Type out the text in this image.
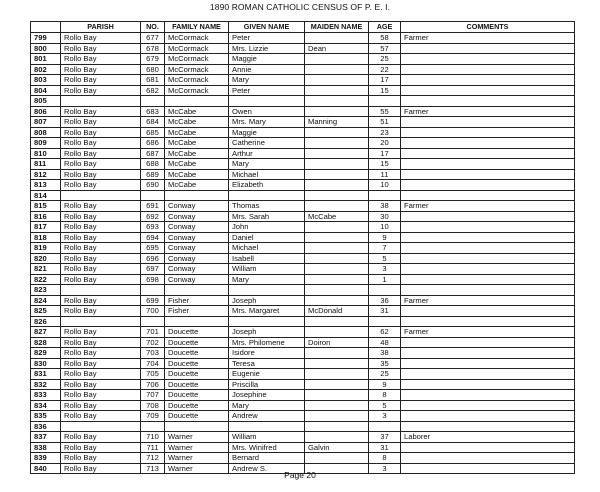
1890 ROMAN CATHOLIC CENSUS OF P. E. I.
	PARISH	NO.	FAMILY NAME	GIVEN NAME	MAIDEN NAME	AGE	COMMENTS
799	Rollo Bay	677	McCormack	Peter		58	Farmer
800	Rollo Bay	678	McCormack	Mrs. Lizzie	Dean	57	
801	Rollo Bay	679	McCormack	Maggie		25	
802	Rollo Bay	680	McCormack	Annie		22	
803	Rollo Bay	681	McCormack	Mary		17	
804	Rollo Bay	682	McCormack	Peter		15	
805							
806	Rollo Bay	683	McCabe	Owen		55	Farmer
807	Rollo Bay	684	McCabe	Mrs. Mary	Manning	51	
808	Rollo Bay	685	McCabe	Maggie		23	
809	Rollo Bay	686	McCabe	Catherine		20	
810	Rollo Bay	687	McCabe	Arthur		17	
811	Rollo Bay	688	McCabe	Mary		15	
812	Rollo Bay	689	McCabe	Michael		11	
813	Rollo Bay	690	McCabe	Elizabeth		10	
814							
815	Rollo Bay	691	Conway	Thomas		38	Farmer
816	Rollo Bay	692	Conway	Mrs. Sarah	McCabe	30	
817	Rollo Bay	693	Conway	John		10	
818	Rollo Bay	694	Conway	Daniel		9	
819	Rollo Bay	695	Conway	Michael		7	
820	Rollo Bay	696	Conway	Isabell		5	
821	Rollo Bay	697	Conway	William		3	
822	Rollo Bay	698	Conway	Mary		1	
823							
824	Rollo Bay	699	Fisher	Joseph		36	Farmer
825	Rollo Bay	700	Fisher	Mrs. Margaret	McDonald	31	
826							
827	Rollo Bay	701	Doucette	Joseph		62	Farmer
828	Rollo Bay	702	Doucette	Mrs. Philomene	Doiron	48	
829	Rollo Bay	703	Doucette	Isidore		38	
830	Rollo Bay	704	Doucette	Teresa		35	
831	Rollo Bay	705	Doucette	Eugenie		25	
832	Rollo Bay	706	Doucette	Priscilla		9	
833	Rollo Bay	707	Doucette	Josephine		8	
834	Rollo Bay	708	Doucette	Mary		5	
835	Rollo Bay	709	Doucette	Andrew		3	
836							
837	Rollo Bay	710	Warner	William		37	Laborer
838	Rollo Bay	711	Warner	Mrs. Winifred	Galvin	31	
839	Rollo Bay	712	Warner	Bernard		8	
840	Rollo Bay	713	Warner	Andrew S.		3	
Page 20
